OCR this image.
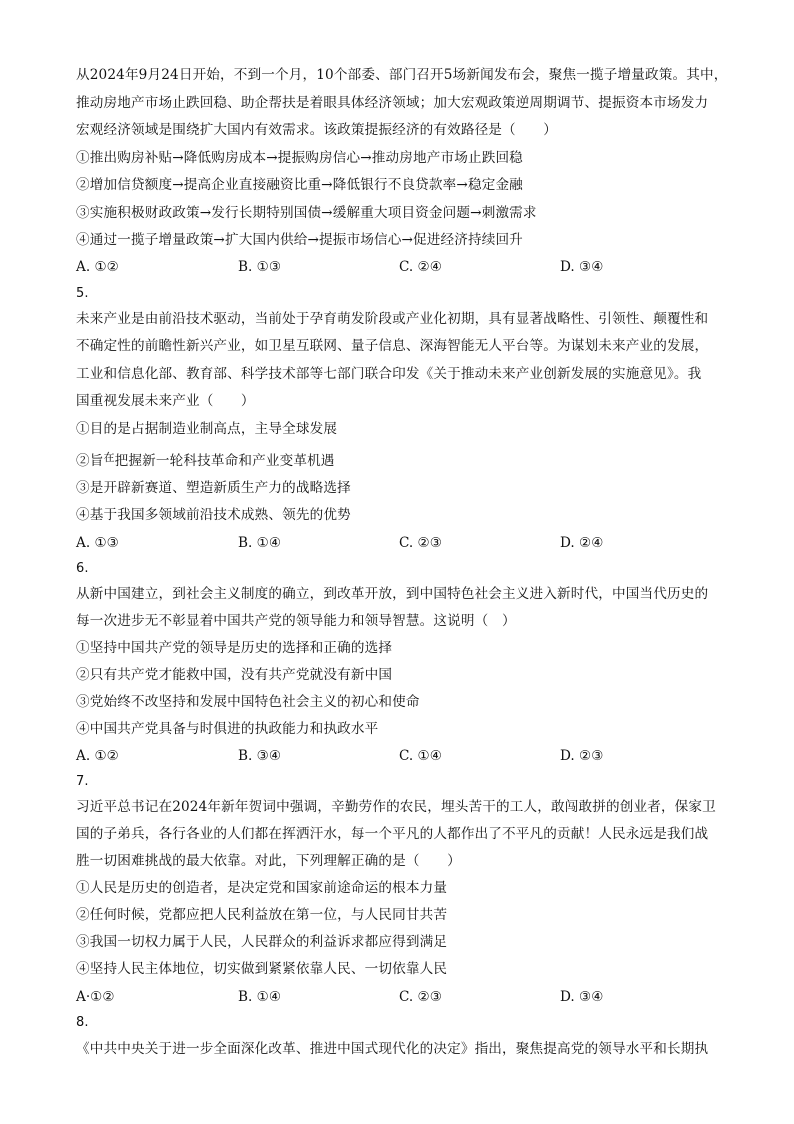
从2024年9月24日开始，不到一个月，10个部委、部门召开5场新闻发布会，聚焦一揽子增量政策。其中，
推动房地产市场止跌回稳、助企帮扶是着眼具体经济领域；加大宏观政策逆周期调节、提振资本市场发力
宏观经济领域是围绕扩大国内有效需求。该政策提振经济的有效路径是（　　）
①推出购房补贴→降低购房成本→提振购房信心→推动房地产市场止跌回稳
②增加信贷额度→提高企业直接融资比重→降低银行不良贷款率→稳定金融
③实施积极财政政策→发行长期特别国债→缓解重大项目资金问题→刺激需求
④通过一揽子增量政策→扩大国内供给→提振市场信心→促进经济持续回升
A. ①②	B. ①③	C. ②④	D. ③④
5.
未来产业是由前沿技术驱动，当前处于孕育萌发阶段或产业化初期，具有显著战略性、引领性、颠覆性和
不确定性的前瞻性新兴产业，如卫星互联网、量子信息、深海智能无人平台等。为谋划未来产业的发展，
工业和信息化部、教育部、科学技术部等七部门联合印发《关于推动未来产业创新发展的实施意见》。我
国重视发展未来产业（　　）
①目的是占据制造业制高点，主导全球发展
②旨$^在$把握新一轮科技革命和产业变革机遇
③是开辟新赛道、塑造新质生产力的战略选择
④基于我国多领域前沿技术成熟、领先的优势
A. ①③	B. ①④	C. ②③	D. ②④
6.
从新中国建立，到社会主义制度的确立，到改革开放，到中国特色社会主义进入新时代，中国当代历史的
每一次进步无不彰显着中国共产党的领导能力和领导智慧。这说明（　）
①坚持中国共产党的领导是历史的选择和正确的选择
②只有共产党才能救中国，没有共产党就没有新中国
③党始终不改坚持和发展中国特色社会主义的初心和使命
④中国共产党具备与时俱进的执政能力和执政水平
A. ①②	B. ③④	C. ①④	D. ②③
7.
习近平总书记在2024年新年贺词中强调，辛勤劳作的农民，埋头苦干的工人，敢闯敢拼的创业者，保家卫
国的子弟兵，各行各业的人们都在挥洒汗水，每一个平凡的人都作出了不平凡的贡献！人民永远是我们战
胜一切困难挑战的最大依靠。对此，下列理解正确的是（　　）
①人民是历史的创造者，是决定党和国家前途命运的根本力量
②任何时候，党都应把人民利益放在第一位，与人民同甘共苦
③我国一切权力属于人民，人民群众的利益诉求都应得到满足
④坚持人民主体地位，切实做到紧紧依靠人民、一切依靠人民
A·①②	B. ①④	C. ②③	D. ③④
8.
《中共中央关于进一步全面深化改革、推进中国式现代化的决定》指出，聚焦提高党的领导水平和长期执
